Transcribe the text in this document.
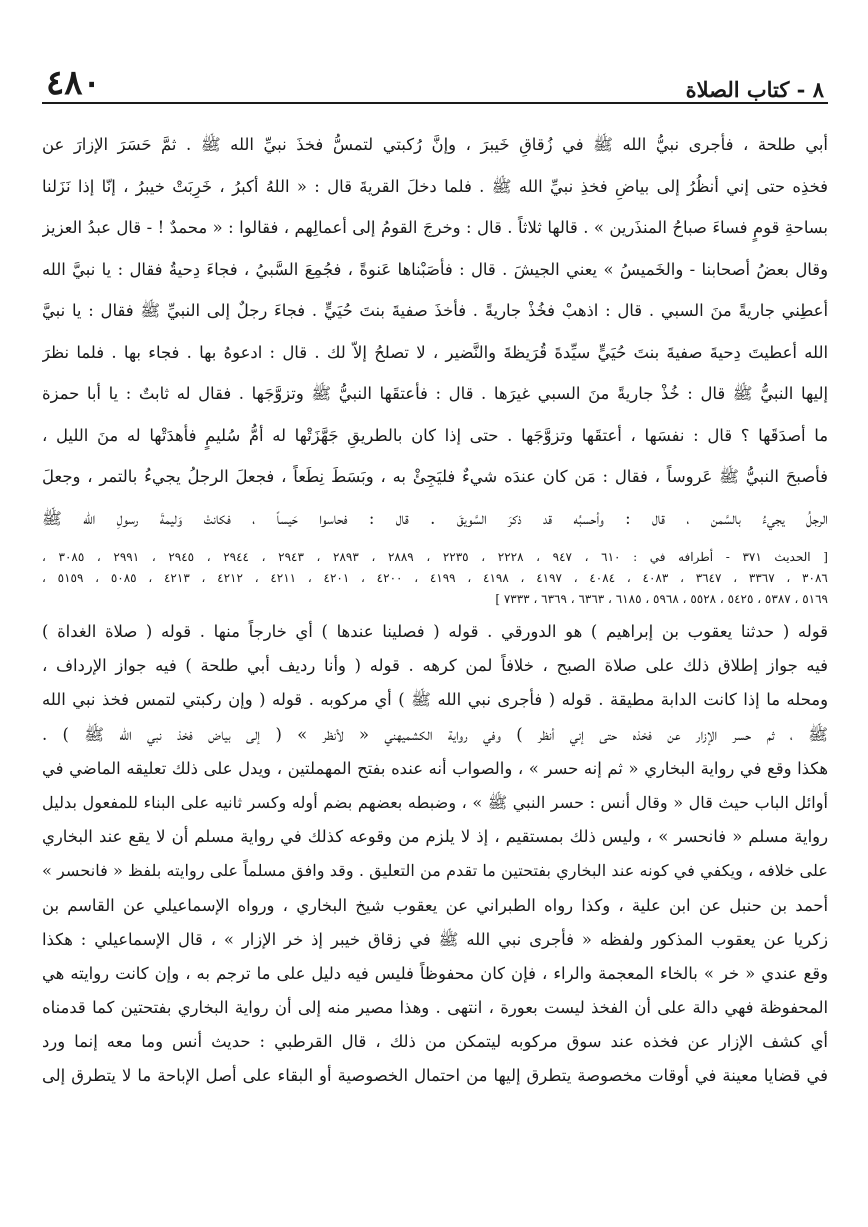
٨ - كتاب الصلاة
٤٨٠
أبي طلحة ، فأجرى نبيُّ الله ﷺ في زُقاقِ خَيبرَ ، وإنَّ رُكبتي لتمسُّ فخذَ نبيِّ الله ﷺ . ثمَّ حَسَرَ الإزارَ عن
فخذِه حتى إني أنظُرُ إلى بياضِ فخذِ نبيِّ الله ﷺ . فلما دخلَ القريةَ قال : « اللهُ أكبرُ ، خَرِبَتْ خيبرُ ، إنّا إذا نَزَلنا
بساحةِ قومٍ فساءَ صباحُ المنذَرين » . قالها ثلاثاً . قال : وخرجَ القومُ إلى أعمالِهم ، فقالوا : « محمدٌ ! - قال عبدُ العزيز
وقال بعضُ أصحابنا - والخَميسُ » يعني الجيشَ . قال : فأصَبْناها عَنوةً ، فجُمِعَ السَّبيُ ، فجاءَ دِحيةُ فقال : يا نبيَّ الله
أعطِني جاريةً منَ السبي . قال : اذهبْ فخُذْ جاريةً . فأخذَ صفيةَ بنتَ حُيَيٍّ . فجاءَ رجلٌ إلى النبيِّ ﷺ فقال : يا نبيَّ
الله أعطيتَ دِحيةَ صفيةَ بنتَ حُيَيٍّ سيِّدةَ قُرَيظةَ والنَّضير ، لا تصلحُ إلاّ لك . قال : ادعوهُ بها . فجاء بها . فلما نظرَ
إليها النبيُّ ﷺ قال : خُذْ جاريةً منَ السبي غيرَها . قال : فأعتقَها النبيُّ ﷺ وتزوَّجَها . فقال له ثابتٌ : يا أبا حمزة
ما أصدَقَها ؟ قال : نفسَها ، أعتقَها وتزوَّجَها . حتى إذا كان بالطريقِ جَهَّزَتْها له أمُّ سُليمٍ فأهدَتْها له منَ الليل ،
فأصبحَ النبيُّ ﷺ عَروساً ، فقال : مَن كان عندَه شيءٌ فليَجِئْ به ، وبَسَطَ نِطَعاً ، فجعلَ الرجلُ يجيءُ بالتمر ، وجعلَ
الرجلُ يجيءُ بالسَّمن ، قال : وأحسبُه قد ذكرَ السَّويقَ . قال : فحاسوا حَيساً ، فكانتْ وَليمةَ رسولِ الله ﷺ
[ الحديث ٣٧١ - أطرافه في : ٦١٠ ، ٩٤٧ ، ٢٢٢٨ ، ٢٢٣٥ ، ٢٨٨٩ ، ٢٨٩٣ ، ٢٩٤٣ ، ٢٩٤٤ ، ٢٩٤٥ ، ٢٩٩١ ، ٣٠٨٥ ،
٣٠٨٦ ، ٣٣٦٧ ، ٣٦٤٧ ، ٤٠٨٣ ، ٤٠٨٤ ، ٤١٩٧ ، ٤١٩٨ ، ٤١٩٩ ، ٤٢٠٠ ، ٤٢٠١ ، ٤٢١١ ، ٤٢١٢ ، ٤٢١٣ ، ٥٠٨٥ ، ٥١٥٩ ،
٥١٦٩ ، ٥٣٨٧ ، ٥٤٢٥ ، ٥٥٢٨ ، ٥٩٦٨ ، ٦١٨٥ ، ٦٣٦٣ ، ٦٣٦٩ ، ٧٣٣٣ ]
قوله ( حدثنا يعقوب بن إبراهيم ) هو الدورقي . قوله ( فصلينا عندها ) أي خارجاً منها . قوله ( صلاة الغداة )
فيه جواز إطلاق ذلك على صلاة الصبح ، خلافاً لمن كرهه . قوله ( وأنا رديف أبي طلحة ) فيه جواز الإرداف ،
ومحله ما إذا كانت الدابة مطيقة . قوله ( فأجرى نبي الله ﷺ ) أي مركوبه . قوله ( وإن ركبتي لتمس فخذ نبي الله
ﷺ ، ثم حسر الإزار عن فخذه حتى إني أنظر ) وفي رواية الكشميهني « لأنظر » ( إلى بياض فخذ نبي الله ﷺ ) .
هكذا وقع في رواية البخاري « ثم إنه حسر » ، والصواب أنه عنده بفتح المهملتين ، ويدل على ذلك تعليقه الماضي في
أوائل الباب حيث قال « وقال أنس : حسر النبي ﷺ » ، وضبطه بعضهم بضم أوله وكسر ثانيه على البناء للمفعول بدليل
رواية مسلم « فانحسر » ، وليس ذلك بمستقيم ، إذ لا يلزم من وقوعه كذلك في رواية مسلم أن لا يقع عند البخاري
على خلافه ، ويكفي في كونه عند البخاري بفتحتين ما تقدم من التعليق . وقد وافق مسلماً على روايته بلفظ « فانحسر »
أحمد بن حنبل عن ابن علية ، وكذا رواه الطبراني عن يعقوب شيخ البخاري ، ورواه الإسماعيلي عن القاسم بن
زكريا عن يعقوب المذكور ولفظه « فأجرى نبي الله ﷺ في زقاق خيبر إذ خر الإزار » ، قال الإسماعيلي : هكذا
وقع عندي « خر » بالخاء المعجمة والراء ، فإن كان محفوظاً فليس فيه دليل على ما ترجم به ، وإن كانت روايته هي
المحفوظة فهي دالة على أن الفخذ ليست بعورة ، انتهى . وهذا مصير منه إلى أن رواية البخاري بفتحتين كما قدمناه
أي كشف الإزار عن فخذه عند سوق مركوبه ليتمكن من ذلك ، قال القرطبي : حديث أنس وما معه إنما ورد
في قضايا معينة في أوقات مخصوصة يتطرق إليها من احتمال الخصوصية أو البقاء على أصل الإباحة ما لا يتطرق إلى
